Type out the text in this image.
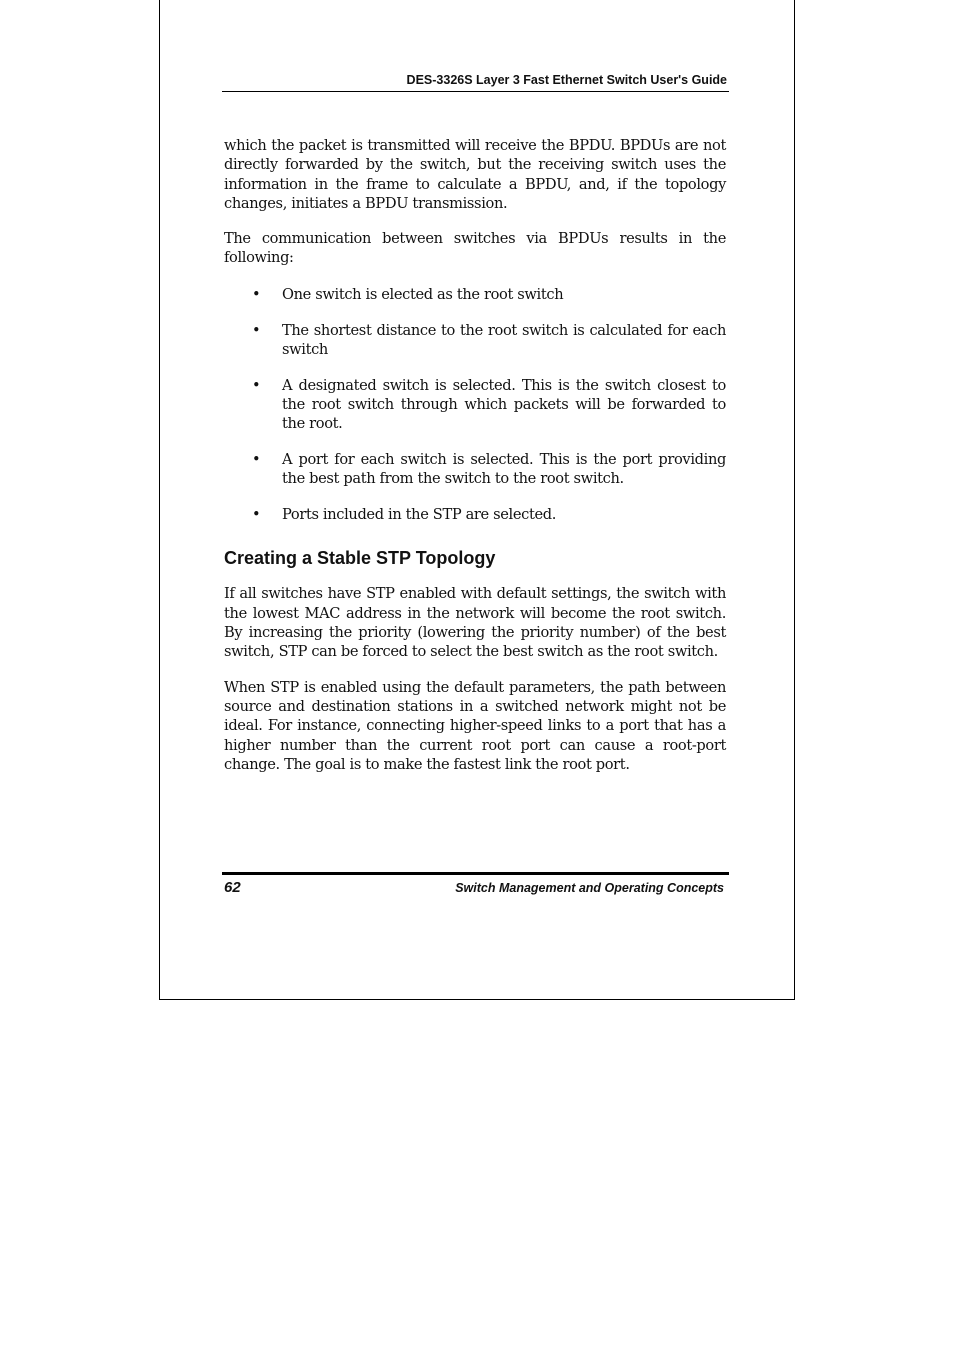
DES-3326S Layer 3 Fast Ethernet Switch User's Guide

which the packet is transmitted will receive the BPDU. BPDUs are not directly forwarded by the switch, but the receiving switch uses the information in the frame to calculate a BPDU, and, if the topology changes, initiates a BPDU transmission.

The communication between switches via BPDUs results in the following:

• One switch is elected as the root switch
• The shortest distance to the root switch is calculated for each switch
• A designated switch is selected. This is the switch closest to the root switch through which packets will be forwarded to the root.
• A port for each switch is selected. This is the port providing the best path from the switch to the root switch.
• Ports included in the STP are selected.
Creating a Stable STP Topology

If all switches have STP enabled with default settings, the switch with the lowest MAC address in the network will become the root switch. By increasing the priority (lowering the priority number) of the best switch, STP can be forced to select the best switch as the root switch.

When STP is enabled using the default parameters, the path between source and destination stations in a switched network might not be ideal. For instance, connecting higher-speed links to a port that has a higher number than the current root port can cause a root-port change. The goal is to make the fastest link the root port.

62	Switch Management and Operating Concepts
